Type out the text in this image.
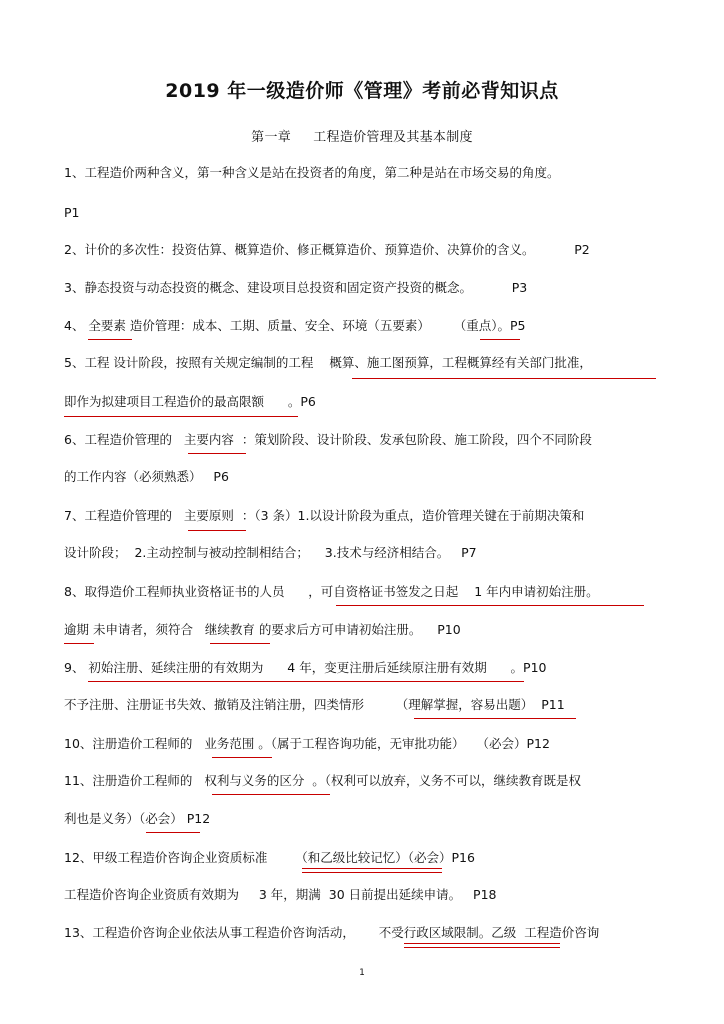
2019 年一级造价师《管理》考前必背知识点
第一章     工程造价管理及其基本制度
1、工程造价两种含义，第一种含义是站在投资者的角度，第二种是站在市场交易的角度。
P1
2、计价的多次性：投资估算、概算造价、修正概算造价、预算造价、决算价的含义。          P2
3、静态投资与动态投资的概念、建设项目总投资和固定资产投资的概念。          P3
4、 全要素 造价管理：成本、工期、质量、安全、环境（五要素）      （重点）。P5
5、工程 设计阶段，按照有关规定编制的工程    概算、施工图预算，工程概算经有关部门批准，
即作为拟建项目工程造价的最高限额      。P6
6、工程造价管理的   主要内容  ：策划阶段、设计阶段、发承包阶段、施工阶段，四个不同阶段
的工作内容（必须熟悉）   P6
7、工程造价管理的   主要原则  ：（3 条）1.以设计阶段为重点，造价管理关键在于前期决策和
设计阶段；  2.主动控制与被动控制相结合；    3.技术与经济相结合。   P7
8、取得造价工程师执业资格证书的人员      ，可自资格证书签发之日起    1 年内申请初始注册。
逾期 未申请者，须符合   继续教育 的要求后方可申请初始注册。    P10
9、 初始注册、延续注册的有效期为      4 年，变更注册后延续原注册有效期      。P10
不予注册、注册证书失效、撤销及注销注册，四类情形        （理解掌握，容易出题）  P11
10、注册造价工程师的   业务范围 。（属于工程咨询功能，无审批功能）   （必会）P12
11、注册造价工程师的   权利与义务的区分  。（权利可以放弃，义务不可以，继续教育既是权
利也是义务）（必会） P12
12、甲级工程造价咨询企业资质标准       （和乙级比较记忆）（必会）P16
工程造价咨询企业资质有效期为     3 年，期满  30 日前提出延续申请。   P18
13、工程造价咨询企业依法从事工程造价咨询活动，      不受行政区域限制。乙级  工程造价咨询
1
